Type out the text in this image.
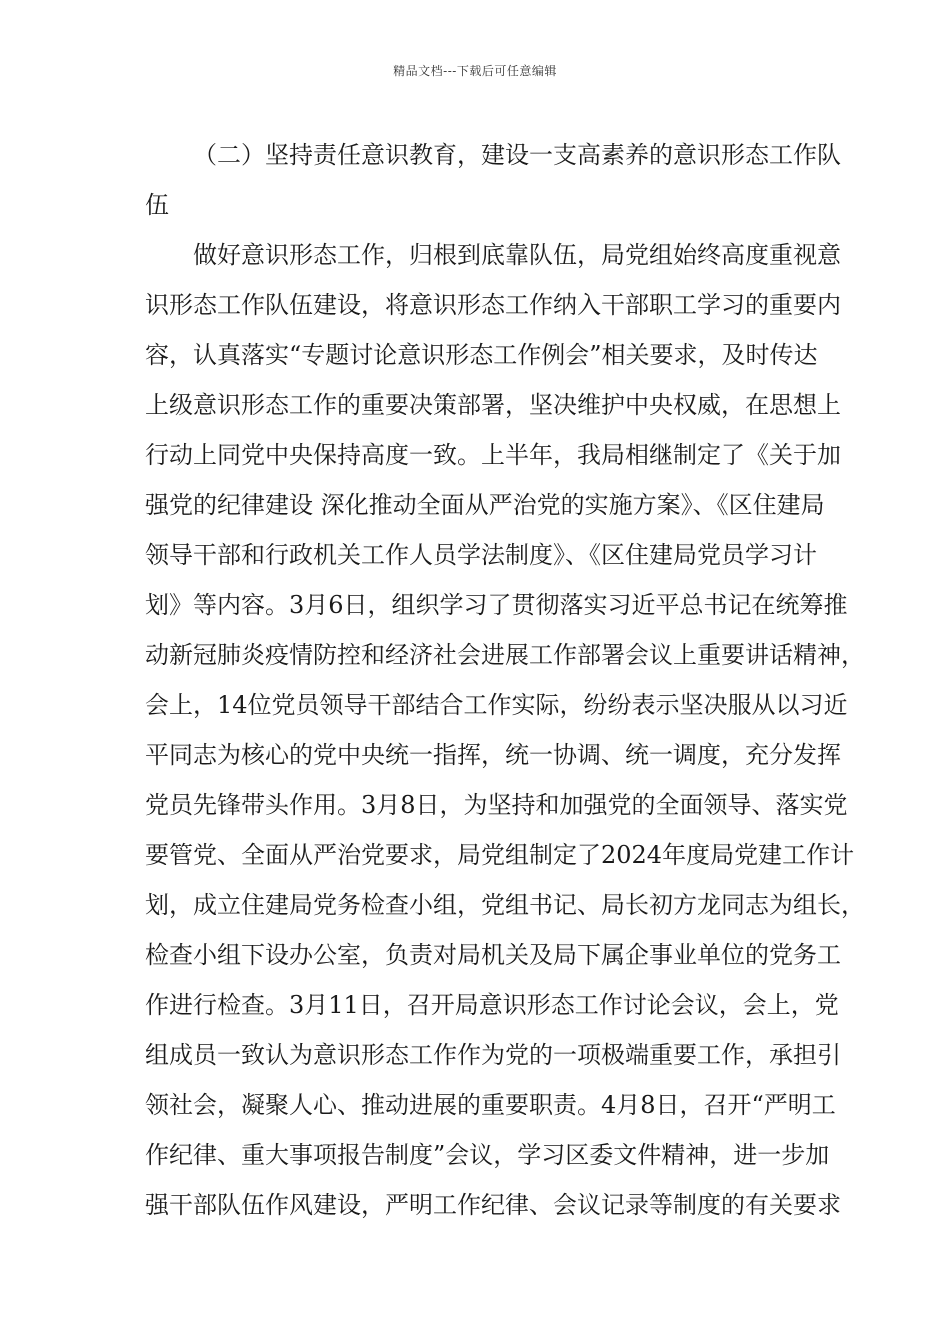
精品文档---下载后可任意编辑
（二）坚持责任意识教育，建设一支高素养的意识形态工作队
伍
做好意识形态工作，归根到底靠队伍，局党组始终高度重视意
识形态工作队伍建设，将意识形态工作纳入干部职工学习的重要内
容，认真落实“专题讨论意识形态工作例会”相关要求，及时传达
上级意识形态工作的重要决策部署，坚决维护中央权威，在思想上
行动上同党中央保持高度一致。上半年，我局相继制定了《关于加
强党的纪律建设 深化推动全面从严治党的实施方案》、《区住建局
领导干部和行政机关工作人员学法制度》、《区住建局党员学习计
划》等内容。3月6日，组织学习了贯彻落实习近平总书记在统筹推
动新冠肺炎疫情防控和经济社会进展工作部署会议上重要讲话精神，
会上，14位党员领导干部结合工作实际，纷纷表示坚决服从以习近
平同志为核心的党中央统一指挥，统一协调、统一调度，充分发挥
党员先锋带头作用。3月8日，为坚持和加强党的全面领导、落实党
要管党、全面从严治党要求，局党组制定了2024年度局党建工作计
划，成立住建局党务检查小组，党组书记、局长初方龙同志为组长，
检查小组下设办公室，负责对局机关及局下属企事业单位的党务工
作进行检查。3月11日，召开局意识形态工作讨论会议，会上，党
组成员一致认为意识形态工作作为党的一项极端重要工作，承担引
领社会，凝聚人心、推动进展的重要职责。4月8日，召开“严明工
作纪律、重大事项报告制度”会议，学习区委文件精神，进一步加
强干部队伍作风建设，严明工作纪律、会议记录等制度的有关要求
